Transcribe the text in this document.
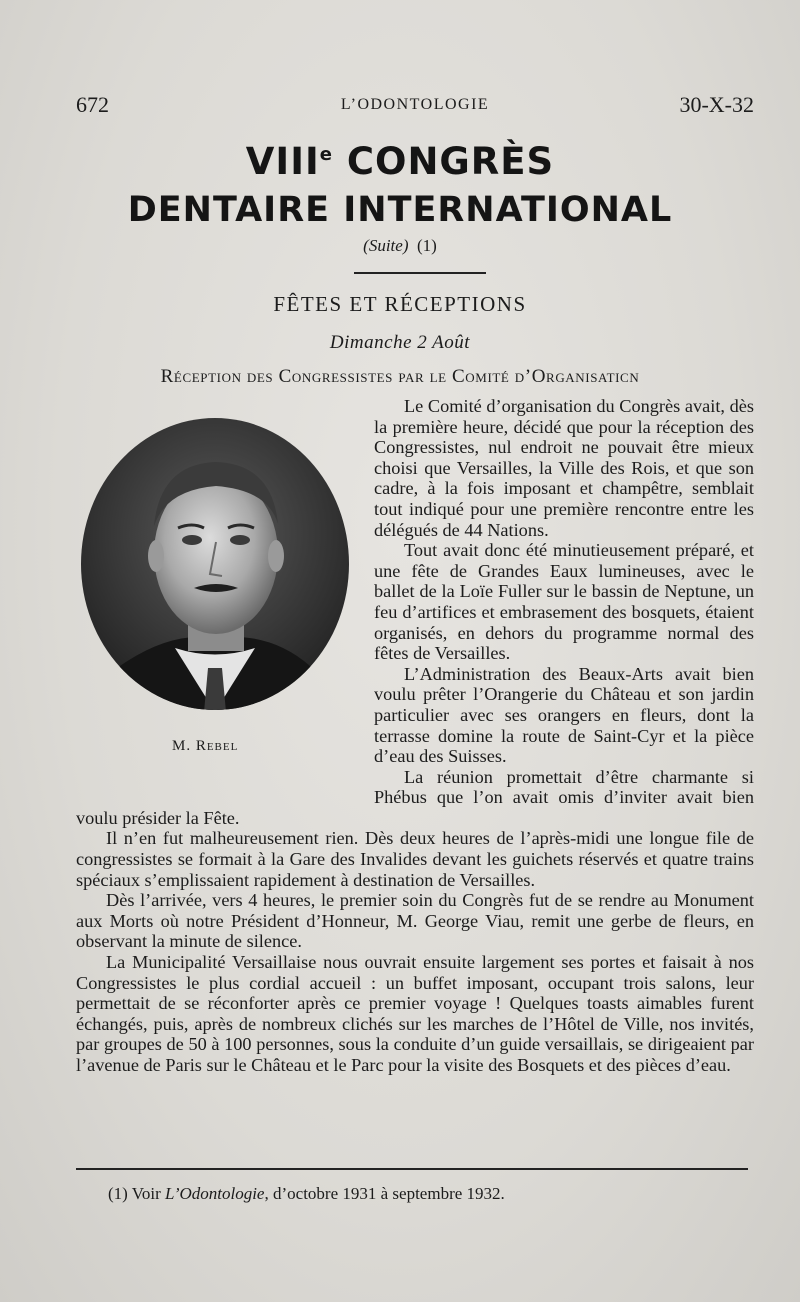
672	L’ODONTOLOGIE	30-X-32
VIIIe CONGRÈS
DENTAIRE INTERNATIONAL
(Suite) (1)
FÊTES ET RÉCEPTIONS
Dimanche 2 Août
Réception des Congressistes par le Comité d’Organisaticn
M. Rebel

Le Comité d’organisation du Congrès avait, dès la première heure, décidé que pour la réception des Congressistes, nul endroit ne pouvait être mieux choisi que Versailles, la Ville des Rois, et que son cadre, à la fois imposant et champêtre, semblait tout indiqué pour une première rencontre entre les délégués de 44 Nations.

Tout avait donc été minutieusement préparé, et une fête de Grandes Eaux lumineuses, avec le ballet de la Loïe Fuller sur le bassin de Neptune, un feu d’artifices et embrasement des bosquets, étaient organisés, en dehors du programme normal des fêtes de Versailles.

L’Administration des Beaux-Arts avait bien voulu prêter l’Orangerie du Château et son jardin particulier avec ses orangers en fleurs, dont la terrasse domine la route de Saint-Cyr et la pièce d’eau des Suisses.

La réunion promettait d’être charmante si Phébus que l’on avait omis d’inviter avait bien voulu présider la Fête.

Il n’en fut malheureusement rien. Dès deux heures de l’après-midi une longue file de congressistes se formait à la Gare des Invalides devant les guichets réservés et quatre trains spéciaux s’emplissaient rapidement à destination de Versailles.

Dès l’arrivée, vers 4 heures, le premier soin du Congrès fut de se rendre au Monument aux Morts où notre Président d’Honneur, M. George Viau, remit une gerbe de fleurs, en observant la minute de silence.

La Municipalité Versaillaise nous ouvrait ensuite largement ses portes et faisait à nos Congressistes le plus cordial accueil : un buffet imposant, occupant trois salons, leur permettait de se réconforter après ce premier voyage ! Quelques toasts aimables furent échangés, puis, après de nombreux clichés sur les marches de l’Hôtel de Ville, nos invités, par groupes de 50 à 100 personnes, sous la conduite d’un guide versaillais, se dirigeaient par l’avenue de Paris sur le Château et le Parc pour la visite des Bosquets et des pièces d’eau.

(1) Voir L’Odontologie, d’octobre 1931 à septembre 1932.
